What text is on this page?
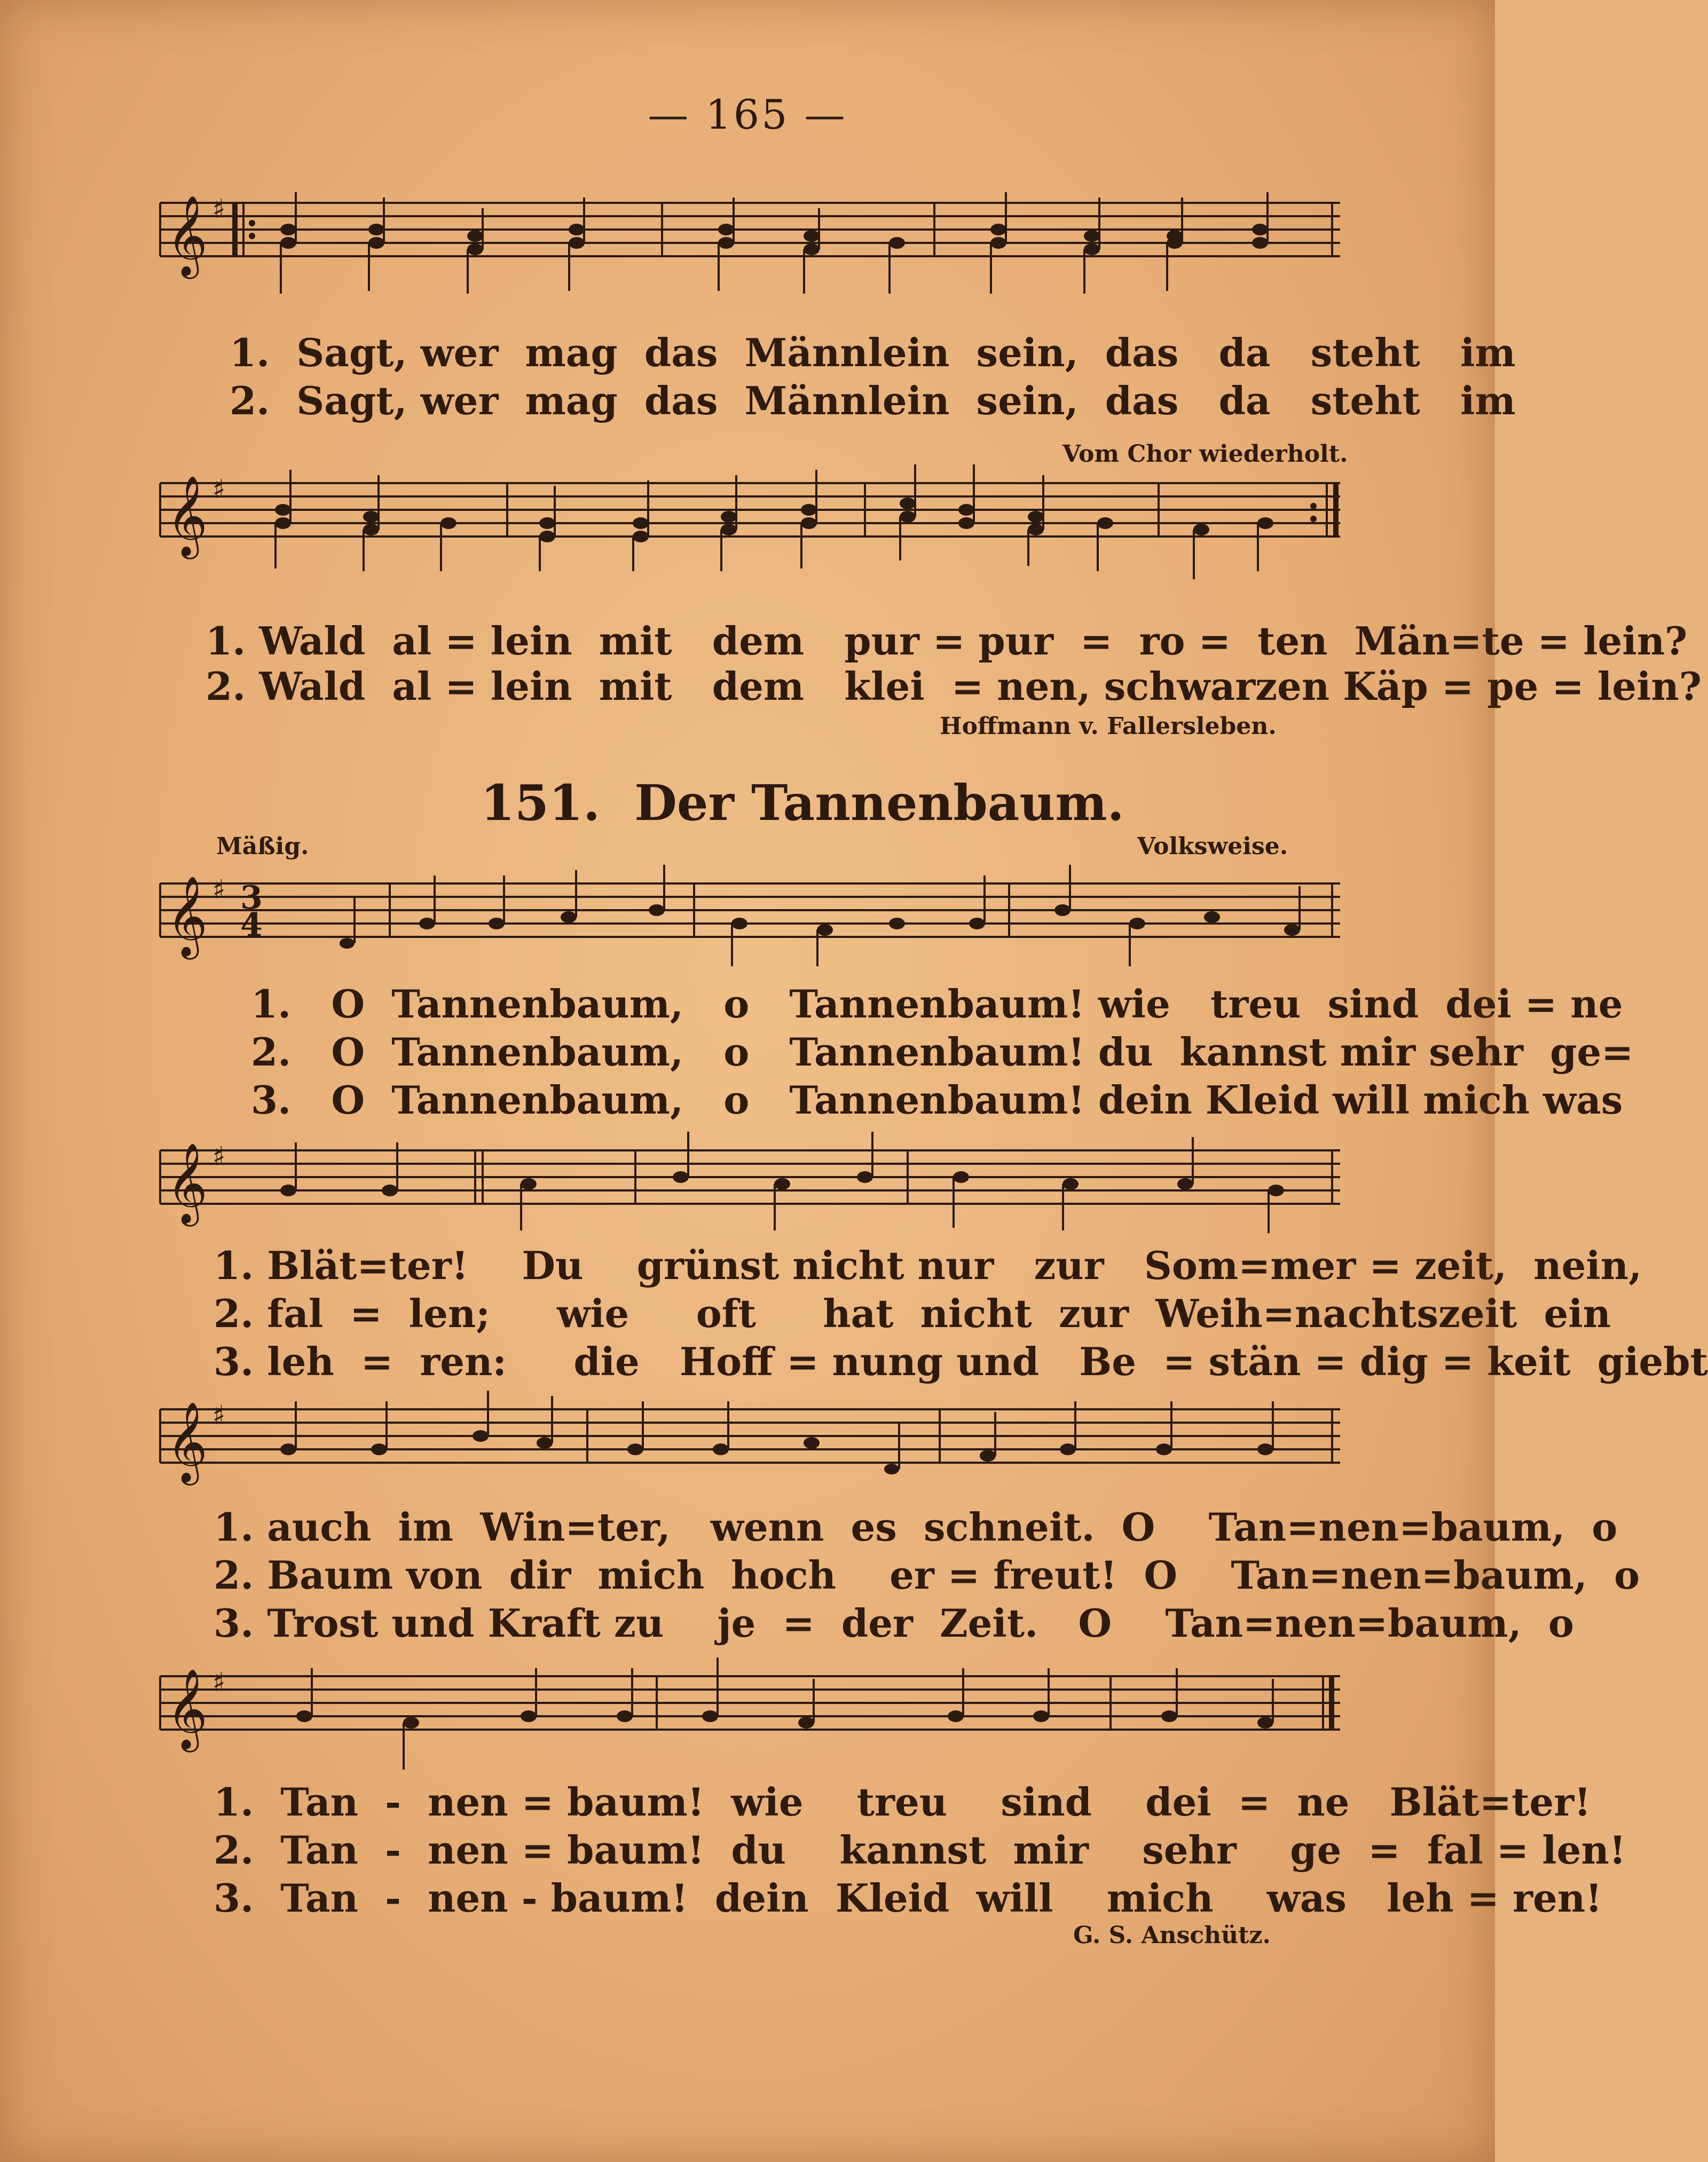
— 165 —
𝄞 ♯
1.  Sagt, wer  mag  das  Männlein  sein,  das   da   steht   im
2.  Sagt, wer  mag  das  Männlein  sein,  das   da   steht   im
Vom Chor wiederholt.
𝄞 ♯
1. Wald  al = lein  mit   dem   pur = pur  =  ro =  ten  Män=te = lein?
2. Wald  al = lein  mit   dem   klei  = nen, schwarzen Käp = pe = lein?
Hoffmann v. Fallersleben.
151.  Der Tannenbaum.
Mäßig.	Volksweise.
𝄞 ♯ 3
4
1.   O  Tannenbaum,   o   Tannenbaum! wie   treu  sind  dei = ne
2.   O  Tannenbaum,   o   Tannenbaum! du  kannst mir sehr  ge=
3.   O  Tannenbaum,   o   Tannenbaum! dein Kleid will mich was
𝄞 ♯
1. Blät=ter!    Du    grünst nicht nur   zur   Som=mer = zeit,  nein,
2. fal  =  len;     wie     oft     hat  nicht  zur  Weih=nachtszeit  ein
3. leh  =  ren:     die   Hoff = nung und   Be  = stän = dig = keit  giebt
𝄞 ♯
1. auch  im  Win=ter,   wenn  es  schneit.  O    Tan=nen=baum,  o
2. Baum von  dir  mich  hoch    er = freut!  O    Tan=nen=baum,  o
3. Trost und Kraft zu    je  =  der  Zeit.   O    Tan=nen=baum,  o
𝄞 ♯
1.  Tan  -  nen = baum!  wie    treu    sind    dei  =  ne   Blät=ter!
2.  Tan  -  nen = baum!  du    kannst  mir    sehr    ge  =  fal = len!
3.  Tan  -  nen - baum!  dein  Kleid  will    mich    was   leh = ren!
G. S. Anschütz.
